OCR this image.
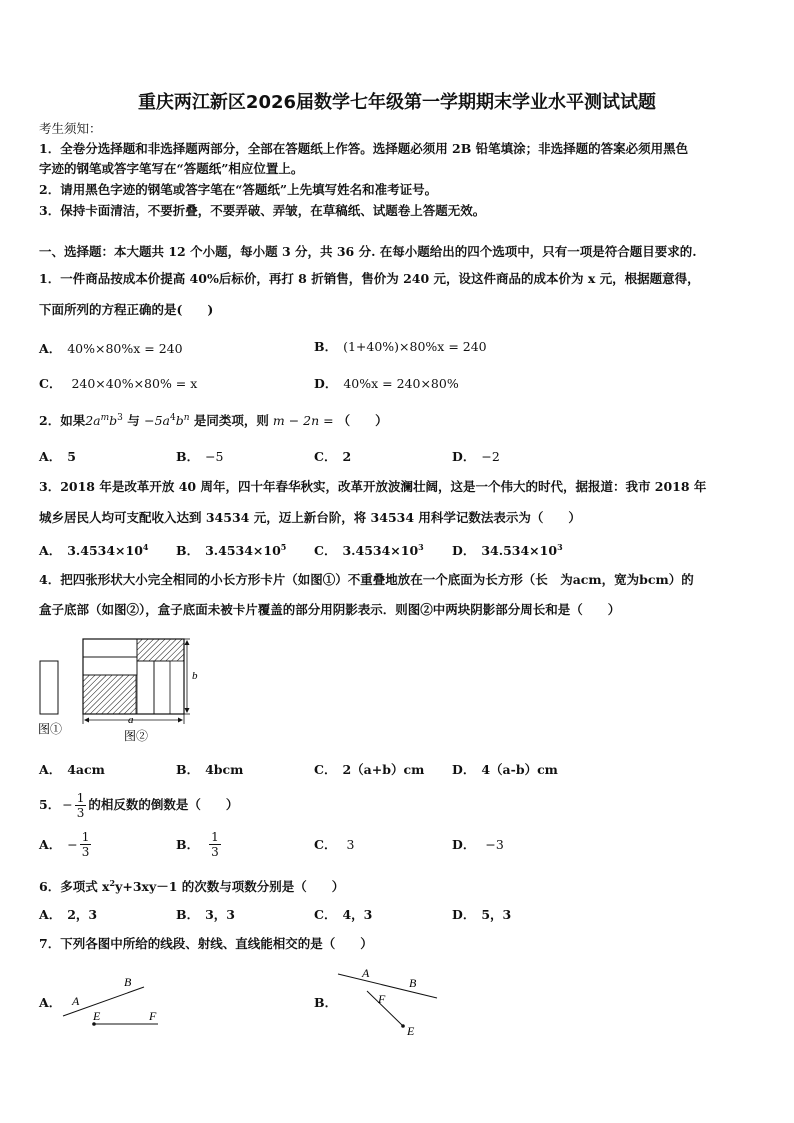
重庆两江新区2026届数学七年级第一学期期末学业水平测试试题
考生须知：
1．全卷分选择题和非选择题两部分，全部在答题纸上作答。选择题必须用 2B 铅笔填涂；非选择题的答案必须用黑色
字迹的钢笔或答字笔写在“答题纸”相应位置上。
2．请用黑色字迹的钢笔或答字笔在“答题纸”上先填写姓名和准考证号。
3．保持卡面清洁，不要折叠，不要弄破、弄皱，在草稿纸、试题卷上答题无效。
一、选择题：本大题共 12 个小题，每小题 3 分，共 36 分. 在每小题给出的四个选项中，只有一项是符合题目要求的.
1．一件商品按成本价提高 40%后标价，再打 8 折销售，售价为 240 元，设这件商品的成本价为 x 元，根据题意得，
下面所列的方程正确的是(　　)
A． 40%×80%x = 240	B． (1+40%)×80%x = 240
C． 240×40%×80% = x	D． 40%x = 240×80%
2．如果$2a^mb^3$ 与 $-5a^4b^n$ 是同类项，则 m − 2n = （　　）
A． 5	B． −5	C． 2	D． −2
3．2018 年是改革开放 40 周年，四十年春华秋实，改革开放波澜壮阔，这是一个伟大的时代，据报道：我市 2018 年
城乡居民人均可支配收入达到 34534 元，迈上新台阶，将 34534 用科学记数法表示为（　　）
A． $3.4534\times 10^4$ B． $3.4534\times 10^5$ C． $3.4534\times 10^3$ D． $34.534\times 10^3$
4．把四张形状大小完全相同的小长方形卡片（如图①）不重叠地放在一个底面为长方形（长　为acm，宽为bcm）的
盒子底部（如图②），盒子底面未被卡片覆盖的部分用阴影表示．则图②中两块阴影部分周长和是（　　）
图①
b
a
图②
A． 4acm	B． 4bcm	C． 2（a+b）cm D． 4（a-b）cm
5． − $\frac{1}{3}$ 的相反数的倒数是（　　）
A． − $\frac{1}{3}$	B． $\frac{1}{3}$	C． 3	D． −3
6．多项式 $x^2y+3xy-1$ 的次数与项数分别是（　　）
A． 2，3	B． 3，3	C． 4，3	D． 5，3
7．下列各图中所给的线段、射线、直线能相交的是（　　）
A． A
B
E	F
B．
A
B
F
E
